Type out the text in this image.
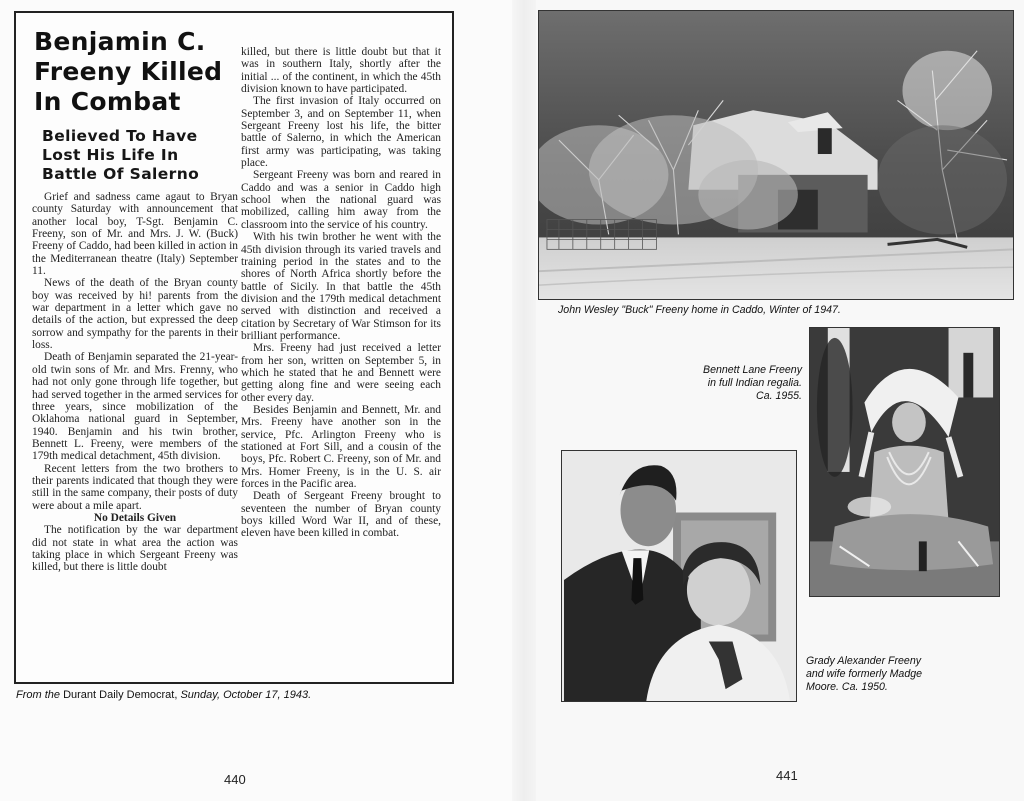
Benjamin C.
Freeny Killed
In Combat
Believed To Have
Lost His Life In
Battle Of Salerno

Grief and sadness came agaut to Bryan county Saturday with announcement that another local boy, T-Sgt. Benjamin C. Freeny, son of Mr. and Mrs. J. W. (Buck) Freeny of Caddo, had been killed in action in the Mediterranean theatre (Italy) September 11.

News of the death of the Bryan county boy was received by hi! parents from the war department in a letter which gave no details of the action, but expressed the deep sorrow and sympathy for the parents in their loss.

Death of Benjamin separated the 21-year-old twin sons of Mr. and Mrs. Frenny, who had not only gone through life together, but had served together in the armed services for three years, since mobilization of the Oklahoma national guard in September, 1940. Benjamin and his twin brother, Bennett L. Freeny, were members of the 179th medical detachment, 45th division.

Recent letters from the two brothers to their parents indicated that though they were still in the same company, their posts of duty were about a mile apart.

No Details Given

The notification by the war department did not state in what area the action was taking place in which Sergeant Freeny was killed, but there is little doubt

killed, but there is little doubt but that it was in southern Italy, shortly after the initial ... of the continent, in which the 45th division known to have participated.

The first invasion of Italy occurred on September 3, and on September 11, when Sergeant Freeny lost his life, the bitter battle of Salerno, in which the American first army was participating, was taking place.

Sergeant Freeny was born and reared in Caddo and was a senior in Caddo high school when the national guard was mobilized, calling him away from the classroom into the service of his country.

With his twin brother he went with the 45th division through its varied travels and training period in the states and to the shores of North Africa shortly before the battle of Sicily. In that battle the 45th division and the 179th medical detachment served with distinction and received a citation by Secretary of War Stimson for its brilliant performance.

Mrs. Freeny had just received a letter from her son, written on September 5, in which he stated that he and Bennett were getting along fine and were seeing each other every day.

Besides Benjamin and Bennett, Mr. and Mrs. Freeny have another son in the service, Pfc. Arlington Freeny who is stationed at Fort Sill, and a cousin of the boys, Pfc. Robert C. Freeny, son of Mr. and Mrs. Homer Freeny, is in the U. S. air forces in the Pacific area.

Death of Sergeant Freeny brought to seventeen the number of Bryan county boys killed Word War II, and of these, eleven have been killed in combat.

From the Durant Daily Democrat, Sunday, October 17, 1943.
440	441
John Wesley "Buck" Freeny home in Caddo, Winter of 1947.
Bennett Lane Freeny
in full Indian regalia.
Ca. 1955.
Grady Alexander Freeny
and wife formerly Madge
Moore. Ca. 1950.
